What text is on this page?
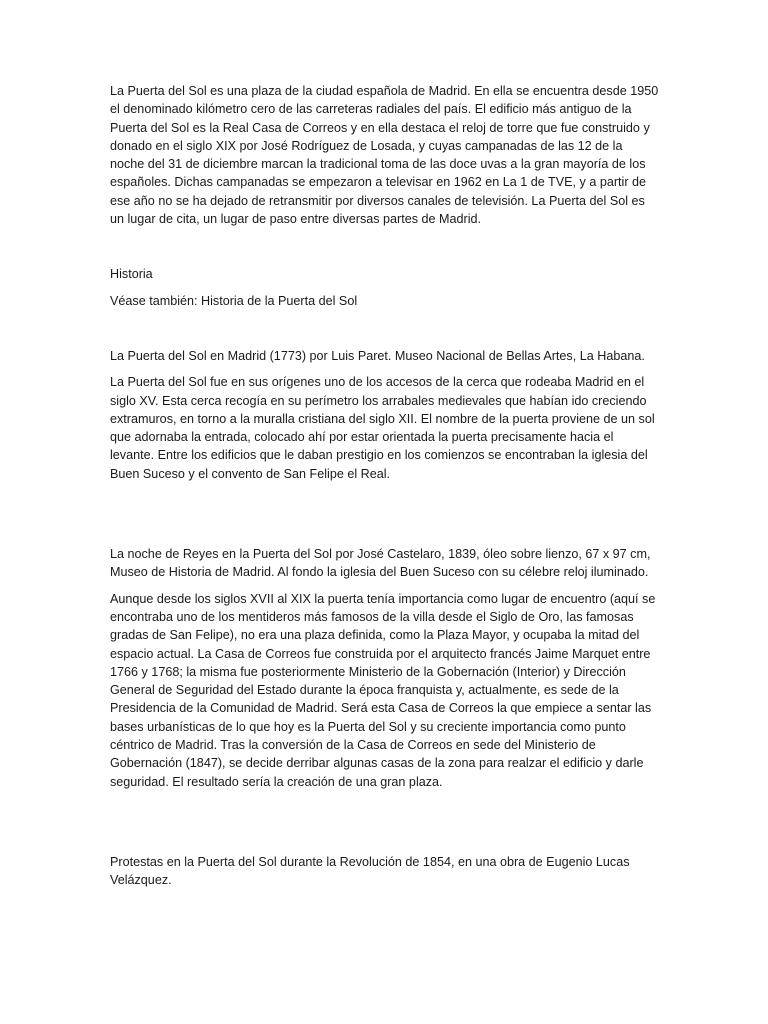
La Puerta del Sol es una plaza de la ciudad española de Madrid. En ella se encuentra desde 1950 el denominado kilómetro cero de las carreteras radiales del país. El edificio más antiguo de la Puerta del Sol es la Real Casa de Correos y en ella destaca el reloj de torre que fue construido y donado en el siglo XIX por José Rodríguez de Losada, y cuyas campanadas de las 12 de la noche del 31 de diciembre marcan la tradicional toma de las doce uvas a la gran mayoría de los españoles. Dichas campanadas se empezaron a televisar en 1962 en La 1 de TVE, y a partir de ese año no se ha dejado de retransmitir por diversos canales de televisión. La Puerta del Sol es un lugar de cita, un lugar de paso entre diversas partes de Madrid.

Historia

Véase también: Historia de la Puerta del Sol

La Puerta del Sol en Madrid (1773) por Luis Paret. Museo Nacional de Bellas Artes, La Habana.

La Puerta del Sol fue en sus orígenes uno de los accesos de la cerca que rodeaba Madrid en el siglo XV. Esta cerca recogía en su perímetro los arrabales medievales que habían ido creciendo extramuros, en torno a la muralla cristiana del siglo XII. El nombre de la puerta proviene de un sol que adornaba la entrada, colocado ahí por estar orientada la puerta precisamente hacia el levante. Entre los edificios que le daban prestigio en los comienzos se encontraban la iglesia del Buen Suceso y el convento de San Felipe el Real.

La noche de Reyes en la Puerta del Sol por José Castelaro, 1839, óleo sobre lienzo, 67 x 97 cm, Museo de Historia de Madrid. Al fondo la iglesia del Buen Suceso con su célebre reloj iluminado.

Aunque desde los siglos XVII al XIX la puerta tenía importancia como lugar de encuentro (aquí se encontraba uno de los mentideros más famosos de la villa desde el Siglo de Oro, las famosas gradas de San Felipe), no era una plaza definida, como la Plaza Mayor, y ocupaba la mitad del espacio actual. La Casa de Correos fue construida por el arquitecto francés Jaime Marquet entre 1766 y 1768; la misma fue posteriormente Ministerio de la Gobernación (Interior) y Dirección General de Seguridad del Estado durante la época franquista y, actualmente, es sede de la Presidencia de la Comunidad de Madrid. Será esta Casa de Correos la que empiece a sentar las bases urbanísticas de lo que hoy es la Puerta del Sol y su creciente importancia como punto céntrico de Madrid. Tras la conversión de la Casa de Correos en sede del Ministerio de Gobernación (1847), se decide derribar algunas casas de la zona para realzar el edificio y darle seguridad. El resultado sería la creación de una gran plaza.

Protestas en la Puerta del Sol durante la Revolución de 1854, en una obra de Eugenio Lucas Velázquez.
